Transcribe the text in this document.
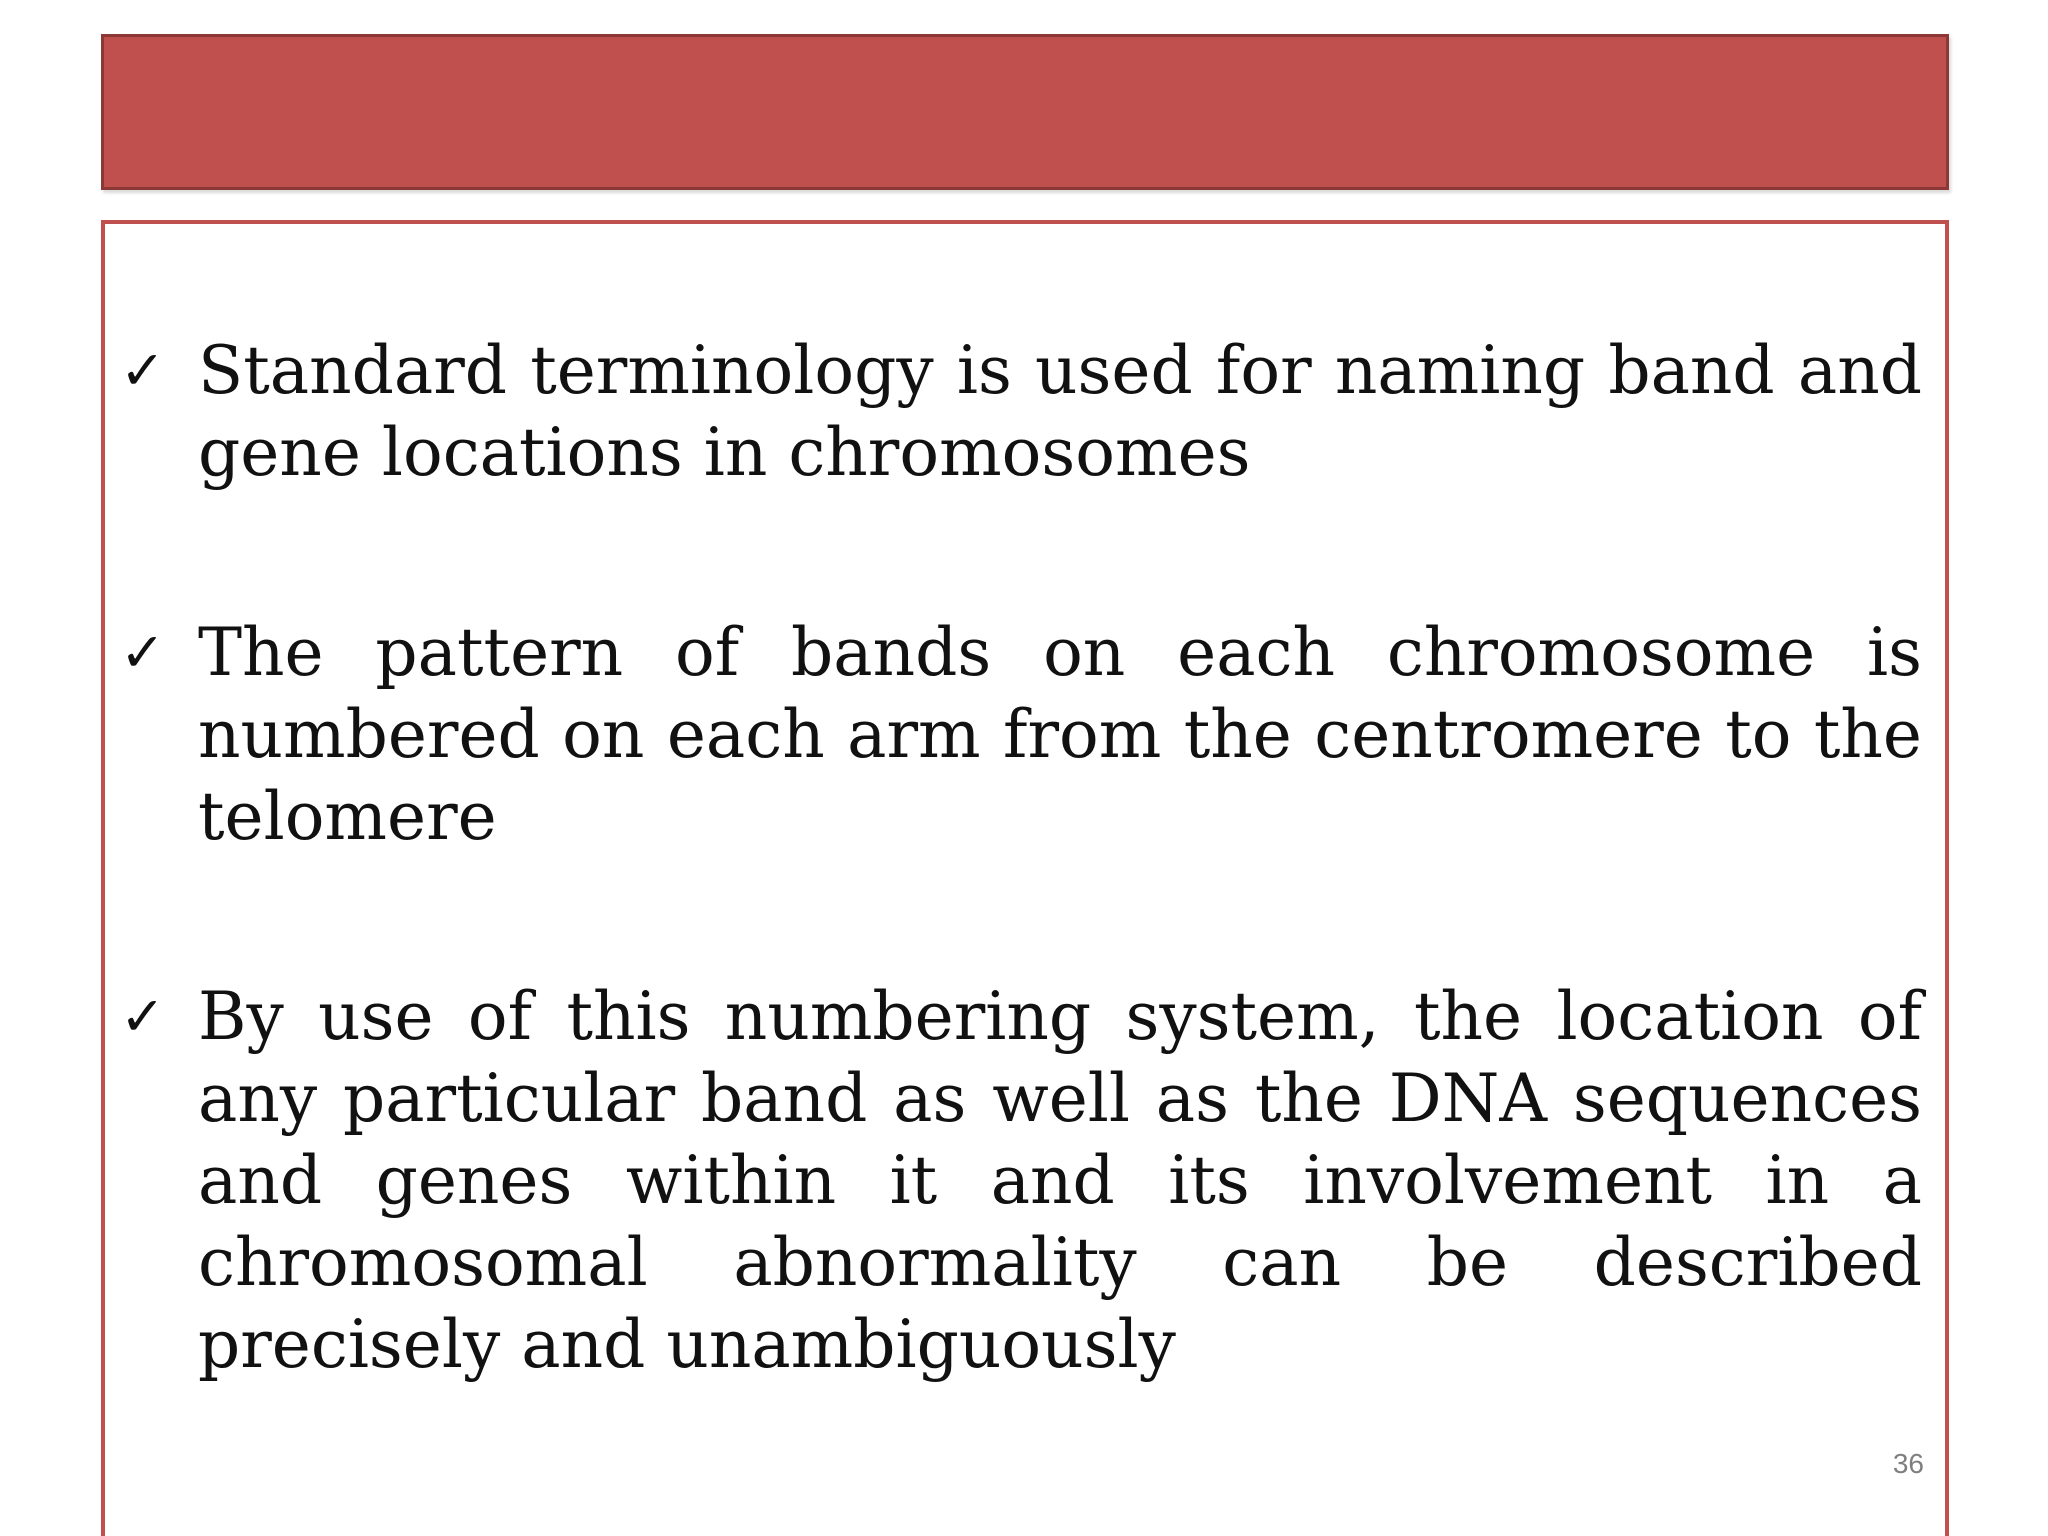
✓ Standard terminology is used for naming band and gene locations in chromosomes
✓ The pattern of bands on each chromosome is numbered on each arm from the centromere to the telomere
✓ By use of this numbering system, the location of any particular band as well as the DNA sequences and genes within it and its involvement in a chromosomal abnormality can be described precisely and unambiguously
36
